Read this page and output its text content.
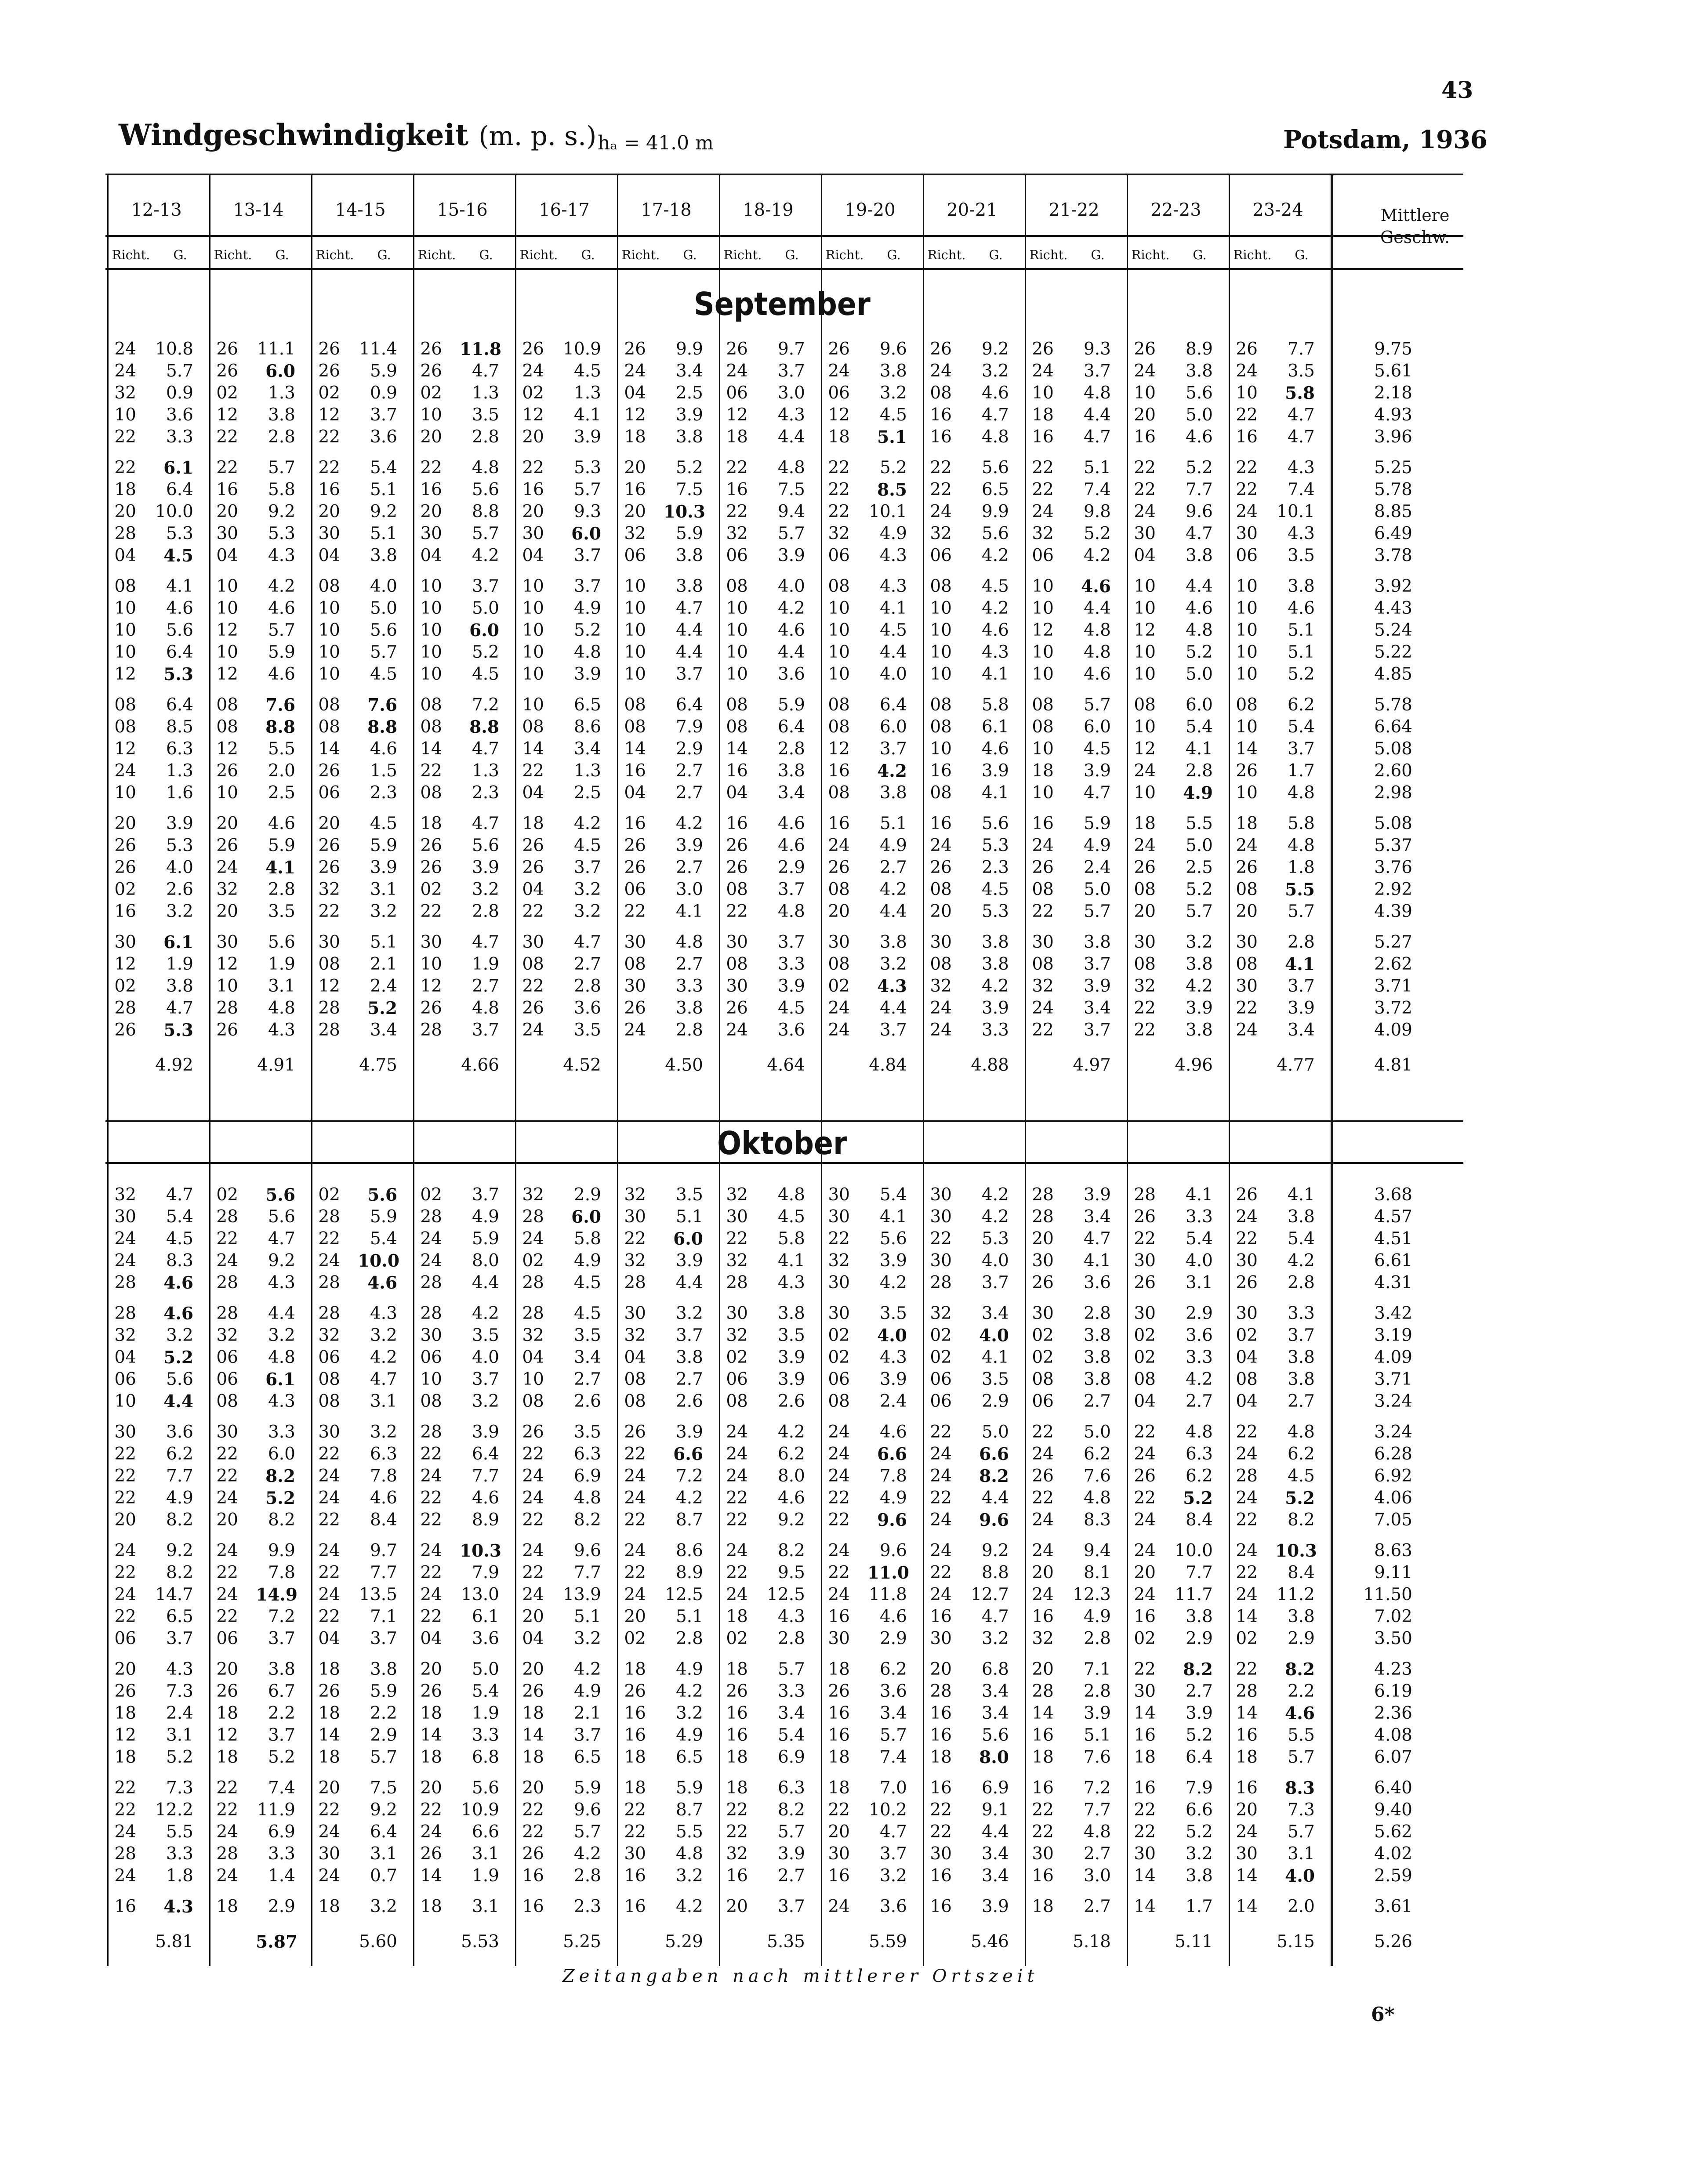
43
Windgeschwindigkeit (m. p. s.) hₐ = 41.0 m	Potsdam, 1936
12-13
Richt.	G.
13-14
Richt.	G.
14-15
Richt.	G.
15-16
Richt.	G.
16-17
Richt.	G.
17-18
Richt.	G.
18-19
Richt.	G.
19-20
Richt.	G.
20-21
Richt.	G.
21-22
Richt.	G.
22-23
Richt.	G.
23-24
Richt.	G.
Mittlere Geschw.
September
24 10.8	26 11.1	26 11.4	26 11.8	26 10.9	26	9.9	26	9.7	26	9.6	26	9.2	26	9.3	26	8.9	26	7.7	9.75
24	5.7	26	6.0	26	5.9	26	4.7	24	4.5	24	3.4	24	3.7	24	3.8	24	3.2	24	3.7	24	3.8	24	3.5	5.61
32	0.9	02	1.3	02	0.9	02	1.3	02	1.3	04	2.5	06	3.0	06	3.2	08	4.6	10	4.8	10	5.6	10	5.8	2.18
10	3.6	12	3.8	12	3.7	10	3.5	12	4.1	12	3.9	12	4.3	12	4.5	16	4.7	18	4.4	20	5.0	22	4.7	4.93
22	3.3	22	2.8	22	3.6	20	2.8	20	3.9	18	3.8	18	4.4	18	5.1	16	4.8	16	4.7	16	4.6	16	4.7	3.96
22	6.1	22	5.7	22	5.4	22	4.8	22	5.3	20	5.2	22	4.8	22	5.2	22	5.6	22	5.1	22	5.2	22	4.3	5.25
18	6.4	16	5.8	16	5.1	16	5.6	16	5.7	16	7.5	16	7.5	22	8.5	22	6.5	22	7.4	22	7.7	22	7.4	5.78
20 10.0	20	9.2	20	9.2	20	8.8	20	9.3	20 10.3	22	9.4	22 10.1	24	9.9	24	9.8	24	9.6	24 10.1	8.85
28	5.3	30	5.3	30	5.1	30	5.7	30	6.0	32	5.9	32	5.7	32	4.9	32	5.6	32	5.2	30	4.7	30	4.3	6.49
04	4.5	04	4.3	04	3.8	04	4.2	04	3.7	06	3.8	06	3.9	06	4.3	06	4.2	06	4.2	04	3.8	06	3.5	3.78
08	4.1	10	4.2	08	4.0	10	3.7	10	3.7	10	3.8	08	4.0	08	4.3	08	4.5	10	4.6	10	4.4	10	3.8	3.92
10	4.6	10	4.6	10	5.0	10	5.0	10	4.9	10	4.7	10	4.2	10	4.1	10	4.2	10	4.4	10	4.6	10	4.6	4.43
10	5.6	12	5.7	10	5.6	10	6.0	10	5.2	10	4.4	10	4.6	10	4.5	10	4.6	12	4.8	12	4.8	10	5.1	5.24
10	6.4	10	5.9	10	5.7	10	5.2	10	4.8	10	4.4	10	4.4	10	4.4	10	4.3	10	4.8	10	5.2	10	5.1	5.22
12	5.3	12	4.6	10	4.5	10	4.5	10	3.9	10	3.7	10	3.6	10	4.0	10	4.1	10	4.6	10	5.0	10	5.2	4.85
08	6.4	08	7.6	08	7.6	08	7.2	10	6.5	08	6.4	08	5.9	08	6.4	08	5.8	08	5.7	08	6.0	08	6.2	5.78
08	8.5	08	8.8	08	8.8	08	8.8	08	8.6	08	7.9	08	6.4	08	6.0	08	6.1	08	6.0	10	5.4	10	5.4	6.64
12	6.3	12	5.5	14	4.6	14	4.7	14	3.4	14	2.9	14	2.8	12	3.7	10	4.6	10	4.5	12	4.1	14	3.7	5.08
24	1.3	26	2.0	26	1.5	22	1.3	22	1.3	16	2.7	16	3.8	16	4.2	16	3.9	18	3.9	24	2.8	26	1.7	2.60
10	1.6	10	2.5	06	2.3	08	2.3	04	2.5	04	2.7	04	3.4	08	3.8	08	4.1	10	4.7	10	4.9	10	4.8	2.98
20	3.9	20	4.6	20	4.5	18	4.7	18	4.2	16	4.2	16	4.6	16	5.1	16	5.6	16	5.9	18	5.5	18	5.8	5.08
26	5.3	26	5.9	26	5.9	26	5.6	26	4.5	26	3.9	26	4.6	24	4.9	24	5.3	24	4.9	24	5.0	24	4.8	5.37
26	4.0	24	4.1	26	3.9	26	3.9	26	3.7	26	2.7	26	2.9	26	2.7	26	2.3	26	2.4	26	2.5	26	1.8	3.76
02	2.6	32	2.8	32	3.1	02	3.2	04	3.2	06	3.0	08	3.7	08	4.2	08	4.5	08	5.0	08	5.2	08	5.5	2.92
16	3.2	20	3.5	22	3.2	22	2.8	22	3.2	22	4.1	22	4.8	20	4.4	20	5.3	22	5.7	20	5.7	20	5.7	4.39
30	6.1	30	5.6	30	5.1	30	4.7	30	4.7	30	4.8	30	3.7	30	3.8	30	3.8	30	3.8	30	3.2	30	2.8	5.27
12	1.9	12	1.9	08	2.1	10	1.9	08	2.7	08	2.7	08	3.3	08	3.2	08	3.8	08	3.7	08	3.8	08	4.1	2.62
02	3.8	10	3.1	12	2.4	12	2.7	22	2.8	30	3.3	30	3.9	02	4.3	32	4.2	32	3.9	32	4.2	30	3.7	3.71
28	4.7	28	4.8	28	5.2	26	4.8	26	3.6	26	3.8	26	4.5	24	4.4	24	3.9	24	3.4	22	3.9	22	3.9	3.72
26	5.3	26	4.3	28	3.4	28	3.7	24	3.5	24	2.8	24	3.6	24	3.7	24	3.3	22	3.7	22	3.8	24	3.4	4.09
4.92	4.91	4.75	4.66	4.52	4.50	4.64	4.84	4.88	4.97	4.96	4.77	4.81
Oktober
32	4.7	02	5.6	02	5.6	02	3.7	32	2.9	32	3.5	32	4.8	30	5.4	30	4.2	28	3.9	28	4.1	26	4.1	3.68
30	5.4	28	5.6	28	5.9	28	4.9	28	6.0	30	5.1	30	4.5	30	4.1	30	4.2	28	3.4	26	3.3	24	3.8	4.57
24	4.5	22	4.7	22	5.4	24	5.9	24	5.8	22	6.0	22	5.8	22	5.6	22	5.3	20	4.7	22	5.4	22	5.4	4.51
24	8.3	24	9.2	24 10.0	24	8.0	02	4.9	32	3.9	32	4.1	32	3.9	30	4.0	30	4.1	30	4.0	30	4.2	6.61
28	4.6	28	4.3	28	4.6	28	4.4	28	4.5	28	4.4	28	4.3	30	4.2	28	3.7	26	3.6	26	3.1	26	2.8	4.31
28	4.6	28	4.4	28	4.3	28	4.2	28	4.5	30	3.2	30	3.8	30	3.5	32	3.4	30	2.8	30	2.9	30	3.3	3.42
32	3.2	32	3.2	32	3.2	30	3.5	32	3.5	32	3.7	32	3.5	02	4.0	02	4.0	02	3.8	02	3.6	02	3.7	3.19
04	5.2	06	4.8	06	4.2	06	4.0	04	3.4	04	3.8	02	3.9	02	4.3	02	4.1	02	3.8	02	3.3	04	3.8	4.09
06	5.6	06	6.1	08	4.7	10	3.7	10	2.7	08	2.7	06	3.9	06	3.9	06	3.5	08	3.8	08	4.2	08	3.8	3.71
10	4.4	08	4.3	08	3.1	08	3.2	08	2.6	08	2.6	08	2.6	08	2.4	06	2.9	06	2.7	04	2.7	04	2.7	3.24
30	3.6	30	3.3	30	3.2	28	3.9	26	3.5	26	3.9	24	4.2	24	4.6	22	5.0	22	5.0	22	4.8	22	4.8	3.24
22	6.2	22	6.0	22	6.3	22	6.4	22	6.3	22	6.6	24	6.2	24	6.6	24	6.6	24	6.2	24	6.3	24	6.2	6.28
22	7.7	22	8.2	24	7.8	24	7.7	24	6.9	24	7.2	24	8.0	24	7.8	24	8.2	26	7.6	26	6.2	28	4.5	6.92
22	4.9	24	5.2	24	4.6	22	4.6	24	4.8	24	4.2	22	4.6	22	4.9	22	4.4	22	4.8	22	5.2	24	5.2	4.06
20	8.2	20	8.2	22	8.4	22	8.9	22	8.2	22	8.7	22	9.2	22	9.6	24	9.6	24	8.3	24	8.4	22	8.2	7.05
24	9.2	24	9.9	24	9.7	24 10.3	24	9.6	24	8.6	24	8.2	24	9.6	24	9.2	24	9.4	24 10.0	24 10.3	8.63
22	8.2	22	7.8	22	7.7	22	7.9	22	7.7	22	8.9	22	9.5	22 11.0	22	8.8	20	8.1	20	7.7	22	8.4	9.11
24 14.7	24 14.9	24 13.5	24 13.0	24 13.9	24 12.5	24 12.5	24 11.8	24 12.7	24 12.3	24 11.7	24 11.2	11.50
22	6.5	22	7.2	22	7.1	22	6.1	20	5.1	20	5.1	18	4.3	16	4.6	16	4.7	16	4.9	16	3.8	14	3.8	7.02
06	3.7	06	3.7	04	3.7	04	3.6	04	3.2	02	2.8	02	2.8	30	2.9	30	3.2	32	2.8	02	2.9	02	2.9	3.50
20	4.3	20	3.8	18	3.8	20	5.0	20	4.2	18	4.9	18	5.7	18	6.2	20	6.8	20	7.1	22	8.2	22	8.2	4.23
26	7.3	26	6.7	26	5.9	26	5.4	26	4.9	26	4.2	26	3.3	26	3.6	28	3.4	28	2.8	30	2.7	28	2.2	6.19
18	2.4	18	2.2	18	2.2	18	1.9	18	2.1	16	3.2	16	3.4	16	3.4	16	3.4	14	3.9	14	3.9	14	4.6	2.36
12	3.1	12	3.7	14	2.9	14	3.3	14	3.7	16	4.9	16	5.4	16	5.7	16	5.6	16	5.1	16	5.2	16	5.5	4.08
18	5.2	18	5.2	18	5.7	18	6.8	18	6.5	18	6.5	18	6.9	18	7.4	18	8.0	18	7.6	18	6.4	18	5.7	6.07
22	7.3	22	7.4	20	7.5	20	5.6	20	5.9	18	5.9	18	6.3	18	7.0	16	6.9	16	7.2	16	7.9	16	8.3	6.40
22 12.2	22 11.9	22	9.2	22 10.9	22	9.6	22	8.7	22	8.2	22 10.2	22	9.1	22	7.7	22	6.6	20	7.3	9.40
24	5.5	24	6.9	24	6.4	24	6.6	22	5.7	22	5.5	22	5.7	20	4.7	22	4.4	22	4.8	22	5.2	24	5.7	5.62
28	3.3	28	3.3	30	3.1	26	3.1	26	4.2	30	4.8	32	3.9	30	3.7	30	3.4	30	2.7	30	3.2	30	3.1	4.02
24	1.8	24	1.4	24	0.7	14	1.9	16	2.8	16	3.2	16	2.7	16	3.2	16	3.4	16	3.0	14	3.8	14	4.0	2.59
16	4.3	18	2.9	18	3.2	18	3.1	16	2.3	16	4.2	20	3.7	24	3.6	16	3.9	18	2.7	14	1.7	14	2.0	3.61
5.81	5.87	5.60	5.53	5.25	5.29	5.35	5.59	5.46	5.18	5.11	5.15	5.26
Zeitangaben nach mittlerer Ortszeit
6*
